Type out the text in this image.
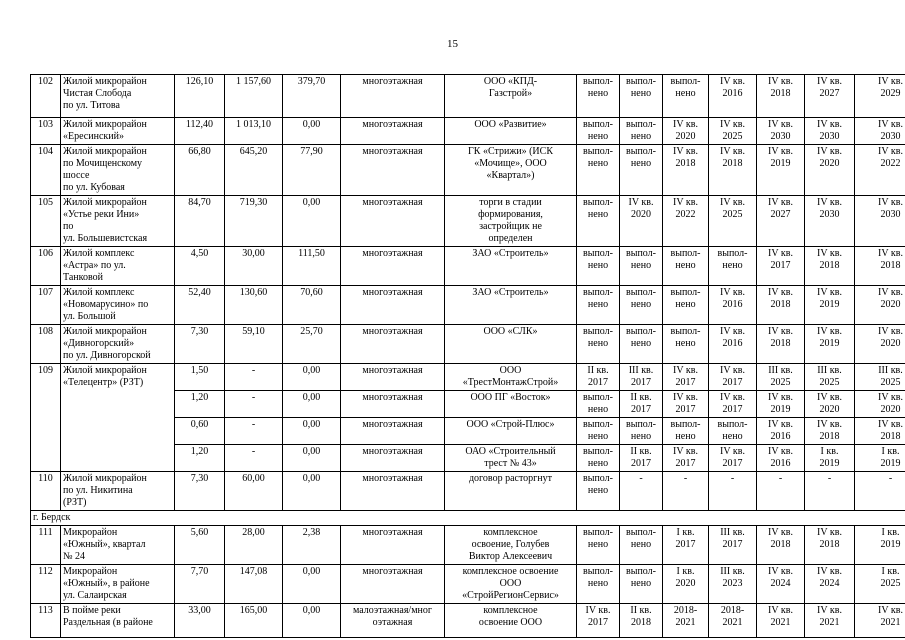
15
102	Жилой микрорайон
Чистая Слобода
по ул. Титова	126,10	1 157,60	379,70	многоэтажная	ООО «КПД-
Газстрой»	выпол-
нено	выпол-
нено	выпол-
нено	IV кв.
2016	IV кв.
2018	IV кв.
2027	IV кв.
2029
103	Жилой микрорайон
«Ересинский»	112,40	1 013,10	0,00	многоэтажная	ООО «Развитие»	выпол-
нено	выпол-
нено	IV кв.
2020	IV кв.
2025	IV кв.
2030	IV кв.
2030	IV кв.
2030
104	Жилой микрорайон
по Мочищенскому
шоссе
по ул. Кубовая	66,80	645,20	77,90	многоэтажная	ГК «Стрижи» (ИСК
«Мочище», ООО
«Квартал»)	выпол-
нено	выпол-
нено	IV кв.
2018	IV кв.
2018	IV кв.
2019	IV кв.
2020	IV кв.
2022
105	Жилой микрорайон
«Устье реки Ини»
по
ул. Большевистская	84,70	719,30	0,00	многоэтажная	торги в стадии
формирования,
застройщик не
определен	выпол-
нено	IV кв.
2020	IV кв.
2022	IV кв.
2025	IV кв.
2027	IV кв.
2030	IV кв.
2030
106	Жилой комплекс
«Астра» по ул.
Танковой	4,50	30,00	111,50	многоэтажная	ЗАО «Строитель»	выпол-
нено	выпол-
нено	выпол-
нено	выпол-
нено	IV кв.
2017	IV кв.
2018	IV кв.
2018
107	Жилой комплекс
«Новомарусино» по
ул. Большой	52,40	130,60	70,60	многоэтажная	ЗАО «Строитель»	выпол-
нено	выпол-
нено	выпол-
нено	IV кв.
2016	IV кв.
2018	IV кв.
2019	IV кв.
2020
108	Жилой микрорайон
«Дивногорский»
по ул. Дивногорской	7,30	59,10	25,70	многоэтажная	ООО «СЛК»	выпол-
нено	выпол-
нено	выпол-
нено	IV кв.
2016	IV кв.
2018	IV кв.
2019	IV кв.
2020
109	Жилой микрорайон
«Телецентр» (РЗТ)	1,50	-	0,00	многоэтажная	ООО
«ТрестМонтажСтрой»	II кв.
2017	III кв.
2017	IV кв.
2017	IV кв.
2017	III кв.
2025	III кв.
2025	III кв.
2025
		1,20	-	0,00	многоэтажная	ООО ПГ «Восток»	выпол-
нено	II кв.
2017	IV кв.
2017	IV кв.
2017	IV кв.
2019	IV кв.
2020	IV кв.
2020
		0,60	-	0,00	многоэтажная	ООО «Строй-Плюс»	выпол-
нено	выпол-
нено	выпол-
нено	выпол-
нено	IV кв.
2016	IV кв.
2018	IV кв.
2018
		1,20	-	0,00	многоэтажная	ОАО «Строительный
трест № 43»	выпол-
нено	II кв.
2017	IV кв.
2017	IV кв.
2017	IV кв.
2016	I кв.
2019	I кв.
2019
110	Жилой микрорайон
по ул. Никитина
(РЗТ)	7,30	60,00	0,00	многоэтажная	договор расторгнут	выпол-
нено	-	-	-	-	-	-
г. Бердск													
111	Микрорайон
«Южный», квартал
№ 24	5,60	28,00	2,38	многоэтажная	комплексное
освоение, Голубев
Виктор Алексеевич	выпол-
нено	выпол-
нено	I кв.
2017	III кв.
2017	IV кв.
2018	IV кв.
2018	I кв.
2019
112	Микрорайон
«Южный», в районе
ул. Салаирская	7,70	147,08	0,00	многоэтажная	комплексное освоение
ООО
«СтройРегионСервис»	выпол-
нено	выпол-
нено	I кв.
2020	III кв.
2023	IV кв.
2024	IV кв.
2024	I кв.
2025
113	В пойме реки
Раздельная (в районе	33,00	165,00	0,00	малоэтажная/мног
оэтажная	комплексное
освоение ООО	IV кв.
2017	II кв.
2018	2018-
2021	2018-
2021	IV кв.
2021	IV кв.
2021	IV кв.
2021
